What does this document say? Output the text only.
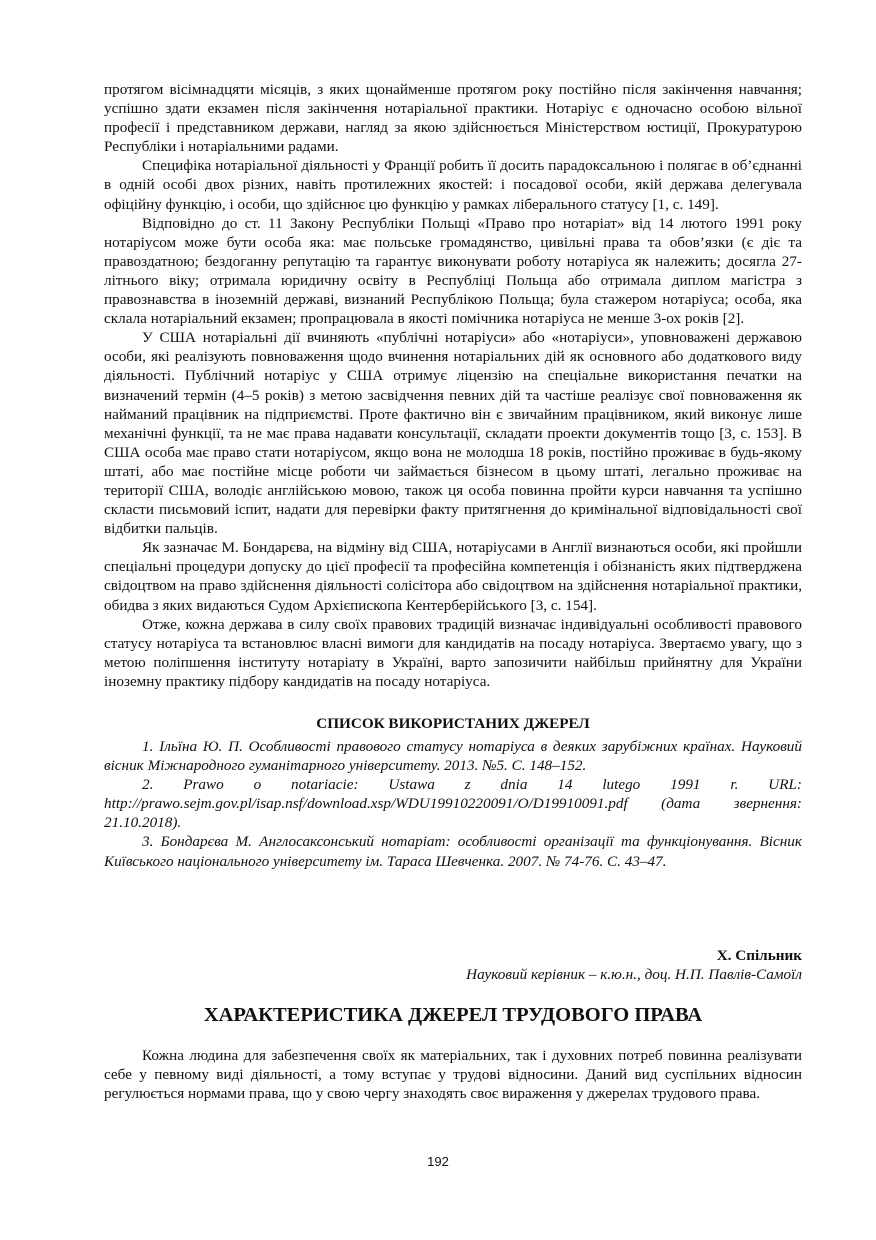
протягом вісімнадцяти місяців, з яких щонайменше протягом року постійно після закінчення навчання; успішно здати екзамен після закінчення нотаріальної практики. Нотаріус є одночасно особою вільної професії і представником держави, нагляд за якою здійснюється Міністерством юстиції, Прокуратурою Республіки і нотаріальними радами.

Специфіка нотаріальної діяльності у Франції робить її досить парадоксальною і полягає в об’єднанні в одній особі двох різних, навіть протилежних якостей: і посадової особи, якій держава делегувала офіційну функцію, і особи, що здійснює цю функцію у рамках ліберального статусу [1, с. 149].

Відповідно до ст. 11 Закону Республіки Польщі «Право про нотаріат» від 14 лютого 1991 року нотаріусом може бути особа яка: має польське громадянство, цивільні права та обов’язки (є діє та правоздатною; бездоганну репутацію та гарантує виконувати роботу нотаріуса як належить; досягла 27-літнього віку; отримала юридичну освіту в Республіці Польща або отримала диплом магістра з правознавства в іноземній державі, визнаний Республікою Польща; була стажером нотаріуса; особа, яка склала нотаріальний екзамен; пропрацювала в якості помічника нотаріуса не менше 3-ох років [2].

У США нотаріальні дії вчиняють «публічні нотаріуси» або «нотаріуси», уповноважені державою особи, які реалізують повноваження щодо вчинення нотаріальних дій як основного або додаткового виду діяльності. Публічний нотаріус у США отримує ліцензію на спеціальне використання печатки на визначений термін (4–5 років) з метою засвідчення певних дій та частіше реалізує свої повноваження як найманий працівник на підприємстві. Проте фактично він є звичайним працівником, який виконує лише механічні функції, та не має права надавати консультації, складати проекти документів тощо [3, с. 153]. В США особа має право стати нотаріусом, якщо вона не молодша 18 років, постійно проживає в будь-якому штаті, або має постійне місце роботи чи займається бізнесом в цьому штаті, легально проживає на території США, володіє англійською мовою, також ця особа повинна пройти курси навчання та успішно скласти письмовий іспит, надати для перевірки факту притягнення до кримінальної відповідальності свої відбитки пальців.

Як зазначає М. Бондарєва, на відміну від США, нотаріусами в Англії визнаються особи, які пройшли спеціальні процедури допуску до цієї професії та професійна компетенція і обізнаність яких підтверджена свідоцтвом на право здійснення діяльності солісітора або свідоцтвом на здійснення нотаріальної практики, обидва з яких видаються Судом Архієпископа Кентерберійського [3, с. 154].

Отже, кожна держава в силу своїх правових традицій визначає індивідуальні особливості правового статусу нотаріуса та встановлює власні вимоги для кандидатів на посаду нотаріуса. Звертаємо увагу, що з метою поліпшення інституту нотаріату в Україні, варто запозичити найбільш прийнятну для України іноземну практику підбору кандидатів на посаду нотаріуса.

СПИСОК ВИКОРИСТАНИХ ДЖЕРЕЛ

1. Ільїна Ю. П. Особливості правового статусу нотаріуса в деяких зарубіжних країнах. Науковий вісник Міжнародного гуманітарного університету. 2013. №5. С. 148–152.

2. Prawo o notariacie: Ustawa z dnia 14 lutego 1991 r. URL: http://prawo.sejm.gov.pl/isap.nsf/download.xsp/WDU19910220091/O/D19910091.pdf (дата звернення: 21.10.2018).

3. Бондарєва М. Англосаксонський нотаріат: особливості організації та функціонування. Вісник Київського національного університету ім. Тараса Шевченка. 2007. № 74-76. С. 43–47.

Х. Спільник
Науковий керівник – к.ю.н., доц. Н.П. Павлів-Самоїл
ХАРАКТЕРИСТИКА ДЖЕРЕЛ ТРУДОВОГО ПРАВА

Кожна людина для забезпечення своїх як матеріальних, так і духовних потреб повинна реалізувати себе у певному виді діяльності, а тому вступає у трудові відносини. Даний вид суспільних відносин регулюється нормами права, що у свою чергу знаходять своє вираження у джерелах трудового права.

192
